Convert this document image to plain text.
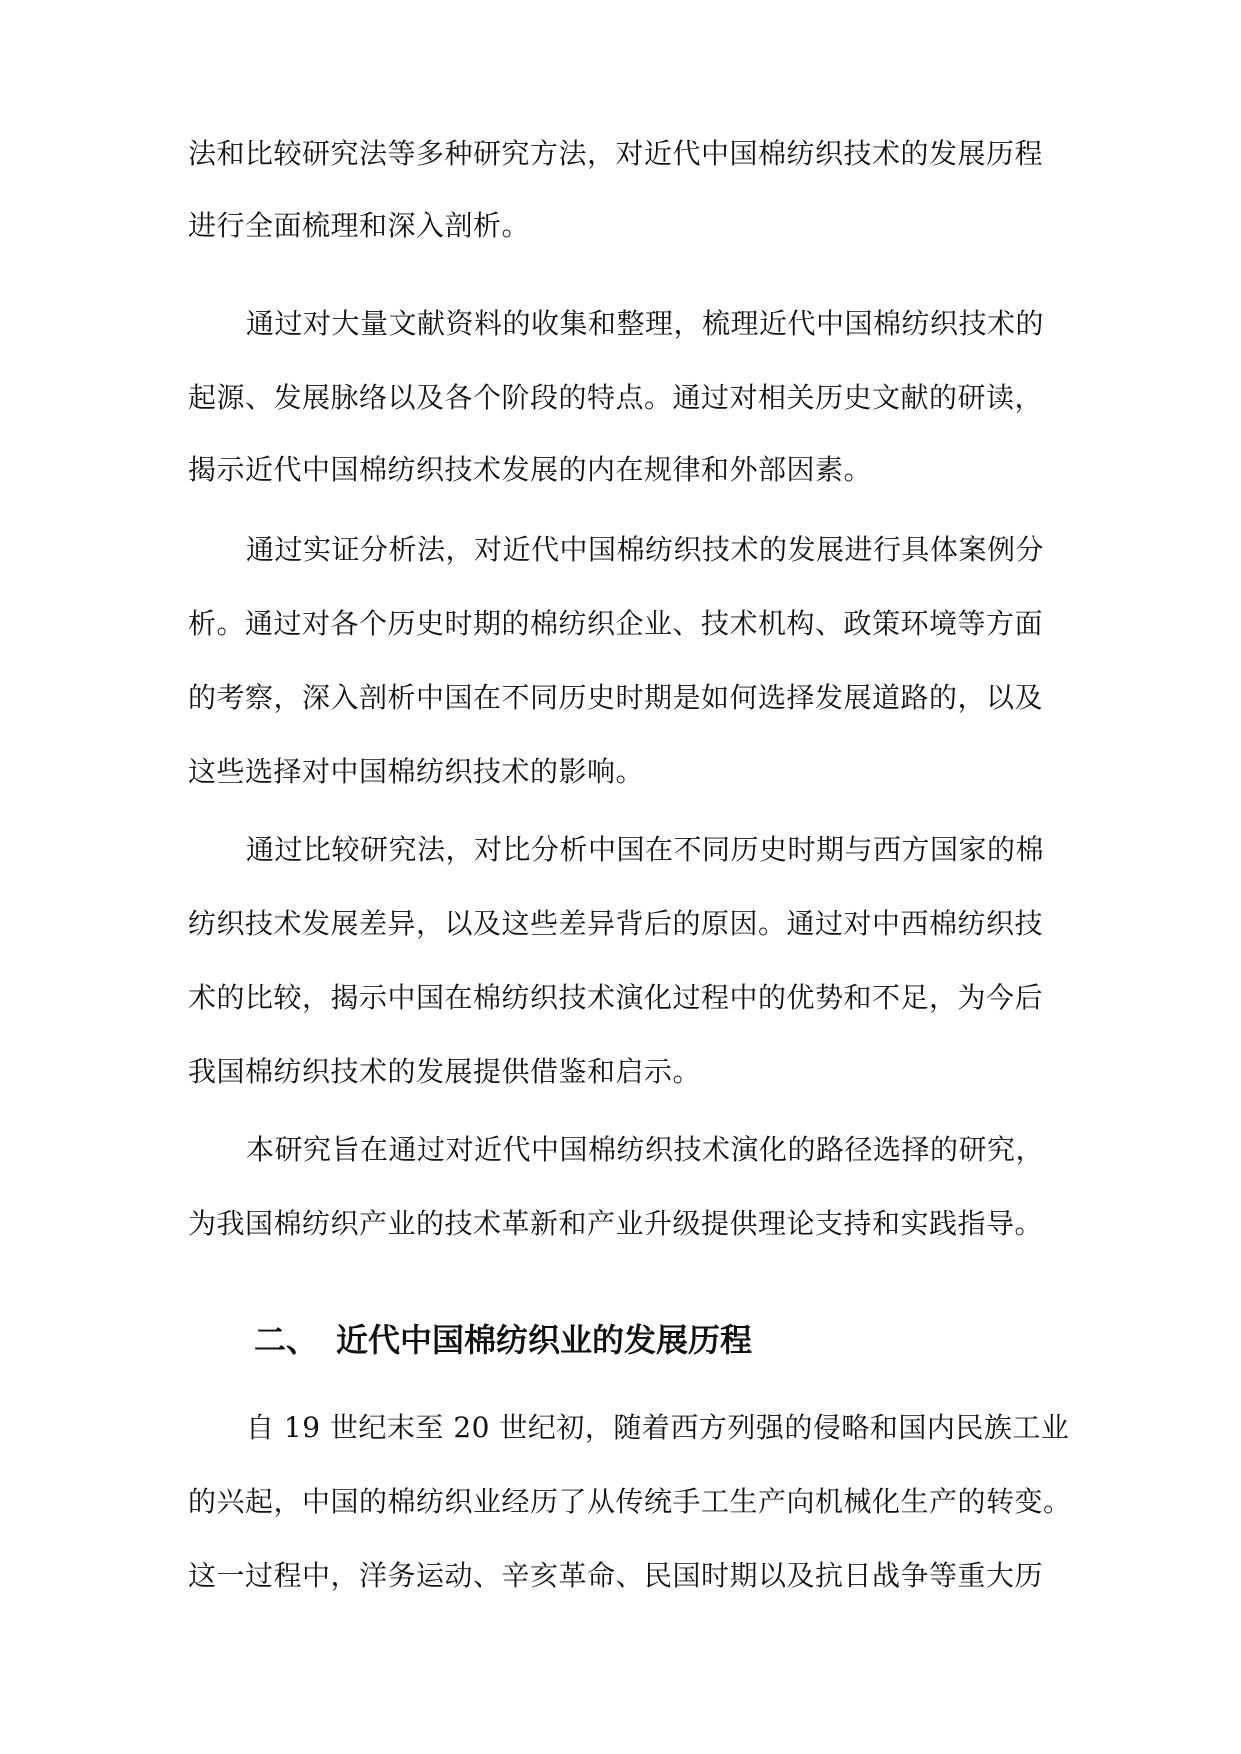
法和比较研究法等多种研究方法，对近代中国棉纺织技术的发展历程
进行全面梳理和深入剖析。
通过对大量文献资料的收集和整理，梳理近代中国棉纺织技术的
起源、发展脉络以及各个阶段的特点。通过对相关历史文献的研读，
揭示近代中国棉纺织技术发展的内在规律和外部因素。
通过实证分析法，对近代中国棉纺织技术的发展进行具体案例分
析。通过对各个历史时期的棉纺织企业、技术机构、政策环境等方面
的考察，深入剖析中国在不同历史时期是如何选择发展道路的，以及
这些选择对中国棉纺织技术的影响。
通过比较研究法，对比分析中国在不同历史时期与西方国家的棉
纺织技术发展差异，以及这些差异背后的原因。通过对中西棉纺织技
术的比较，揭示中国在棉纺织技术演化过程中的优势和不足，为今后
我国棉纺织技术的发展提供借鉴和启示。
本研究旨在通过对近代中国棉纺织技术演化的路径选择的研究，
为我国棉纺织产业的技术革新和产业升级提供理论支持和实践指导。
二、 近代中国棉纺织业的发展历程
自 19 世纪末至 20 世纪初，随着西方列强的侵略和国内民族工业
的兴起，中国的棉纺织业经历了从传统手工生产向机械化生产的转变。
这一过程中，洋务运动、辛亥革命、民国时期以及抗日战争等重大历
